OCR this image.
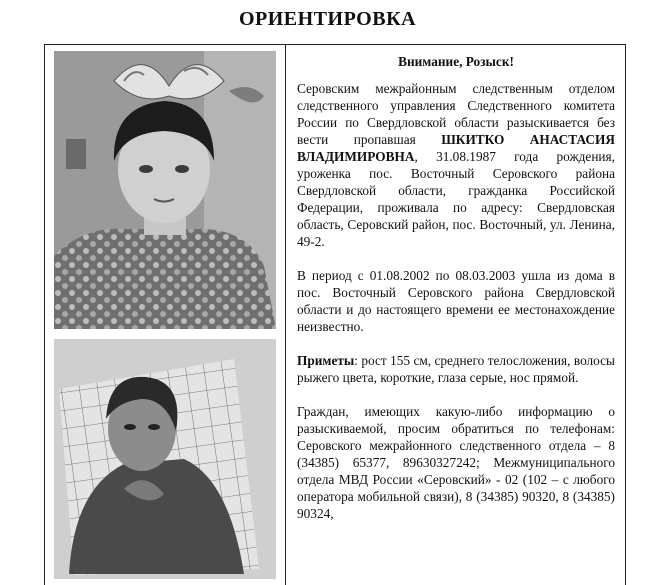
ОРИЕНТИРОВКА

Внимание, Розыск!

Серовским межрайонным следственным отделом следственного управления Следственного комитета России по Свердловской области разыскивается без вести пропавшая ШКИТКО АНАСТАСИЯ ВЛАДИМИРОВНА, 31.08.1987 года рождения, уроженка пос. Восточный Серовского района Свердловской области, гражданка Российской Федерации, проживала по адресу: Свердловская область, Серовский район, пос. Восточный, ул. Ленина, 49-2.

В период с 01.08.2002 по 08.03.2003 ушла из дома в пос. Восточный Серовского района Свердловской области и до настоящего времени ее местонахождение неизвестно.

Приметы: рост 155 см, среднего телосложения, волосы рыжего цвета, короткие, глаза серые, нос прямой.

Граждан, имеющих какую-либо информацию о разыскиваемой, просим обратиться по телефонам: Серовского межрайонного следственного отдела – 8 (34385) 65377, 89630327242; Межмуниципального отдела МВД России «Серовский» - 02 (102 – с любого оператора мобильной связи), 8 (34385) 90320, 8 (34385) 90324,
